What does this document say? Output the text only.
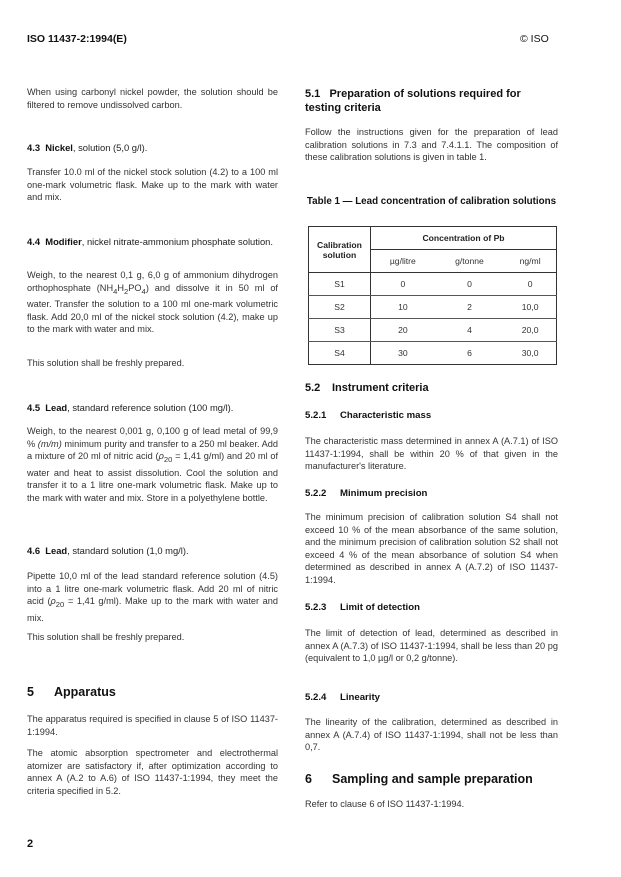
ISO 11437-2:1994(E)	© ISO

When using carbonyl nickel powder, the solution should be filtered to remove undissolved carbon.

4.3 Nickel, solution (5,0 g/l).

Transfer 10.0 ml of the nickel stock solution (4.2) to a 100 ml one-mark volumetric flask. Make up to the mark with water and mix.

4.4 Modifier, nickel nitrate-ammonium phosphate solution.

Weigh, to the nearest 0,1 g, 6,0 g of ammonium dihydrogen orthophosphate $(NH_4H_2PO_4)$ and dissolve it in 50 ml of water. Transfer the solution to a 100 ml one-mark volumetric flask. Add 20,0 ml of the nickel stock solution (4.2), make up to the mark with water and mix.

This solution shall be freshly prepared.

4.5 Lead, standard reference solution (100 mg/l).

Weigh, to the nearest 0,001 g, 0,100 g of lead metal of 99,9 % (m/m) minimum purity and transfer to a 250 ml beaker. Add a mixture of 20 ml of nitric acid ($\rho_{20} = 1,41$ g/ml) and 20 ml of water and heat to assist dissolution. Cool the solution and transfer it to a 1 litre one-mark volumetric flask. Make up to the mark with water and mix. Store in a polyethylene bottle.

4.6 Lead, standard solution (1,0 mg/l).

Pipette 10,0 ml of the lead standard reference solution (4.5) into a 1 litre one-mark volumetric flask. Add 20 ml of nitric acid ($\rho_{20} = 1,41$ g/ml). Make up to the mark with water and mix.

This solution shall be freshly prepared.

5 Apparatus

The apparatus required is specified in clause 5 of ISO 11437-1:1994.

The atomic absorption spectrometer and electrothermal atomizer are satisfactory if, after optimization according to annex A (A.2 to A.6) of ISO 11437-1:1994, they meet the criteria specified in 5.2.

5.1 Preparation of solutions required for testing criteria

Follow the instructions given for the preparation of lead calibration solutions in 7.3 and 7.4.1.1. The composition of these calibration solutions is given in table 1.

Table 1 — Lead concentration of calibration solutions

Calibration solution	Concentration of Pb		
	µg/litre	g/tonne	ng/ml
S1	0	0	0
S2	10	2	10,0
S3	20	4	20,0
S4	30	6	30,0
5.2 Instrument criteria

5.2.1 Characteristic mass

The characteristic mass determined in annex A (A.7.1) of ISO 11437-1:1994, shall be within 20 % of that given in the manufacturer's literature.

5.2.2 Minimum precision

The minimum precision of calibration solution S4 shall not exceed 10 % of the mean absorbance of the same solution, and the minimum precision of calibration solution S2 shall not exceed 4 % of the mean absorbance of solution S4 when determined as described in annex A (A.7.2) of ISO 11437-1:1994.

5.2.3 Limit of detection

The limit of detection of lead, determined as described in annex A (A.7.3) of ISO 11437-1:1994, shall be less than 20 pg (equivalent to 1,0 µg/l or 0,2 g/tonne).

5.2.4 Linearity

The linearity of the calibration, determined as described in annex A (A.7.4) of ISO 11437-1:1994, shall not be less than 0,7.

6 Sampling and sample preparation

Refer to clause 6 of ISO 11437-1:1994.

2
